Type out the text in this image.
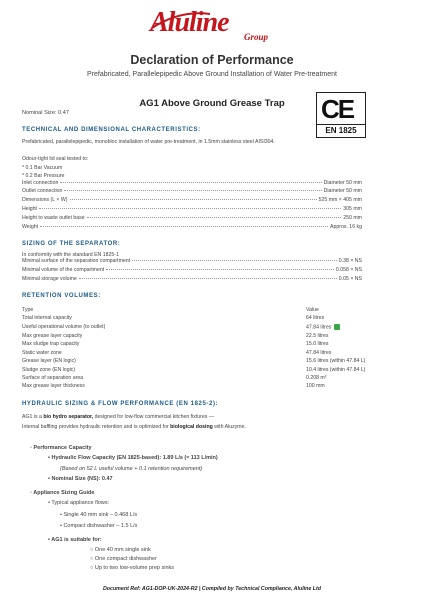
Aluline Group
Declaration of Performance
Prefabricated, Parallelepipedic Above Ground Installation of Water Pre-treatment
AG1 Above Ground Grease Trap
Nominal Size: 0.47	CE
EN 1825
TECHNICAL AND DIMENSIONAL CHARACTERISTICS:
Prefabricated, parallelepipedic, monobloc installation of water pre-treatment, in 1.5mm stainless steel AISI304.
Odour-tight lid seal tested to:
* 0.1 Bar Vacuum
* 0.2 Bar Pressure
Inlet connection	Diameter 50 mm
Outlet connection	Diameter 50 mm
Dimensions (L × W)	525 mm × 405 mm
Height	305 mm
Height to waste outlet base	250 mm
Weight	Approx. 16 kg
SIZING OF THE SEPARATOR:
In conformity with the standard EN 1825-1
Minimal surface of the separation compartment	0.38 × NS
Minimal volume of the compartment	0.058 × NS
Minimal storage volume	0.05 × NS
RETENTION VOLUMES:
Type	Value
Total internal capacity	64 litres
Useful operational volume (to outlet)	47.84 litres
Max grease layer capacity	22.5 litres
Max sludge trap capacity	15.0 litres
Static water zone	47.84 litres
Grease layer (EN logic)	15.6 litres (within 47.84 L)
Sludge zone (EN logic)	10.4 litres (within 47.84 L)
Surface of separation area	0.208 m²
Max grease layer thickness	100 mm
HYDRAULIC SIZING & FLOW PERFORMANCE (EN 1825-2):
AG1 is a bio hydro separator, designed for low-flow commercial kitchen fixtures —
Internal baffling provides hydraulic retention and is optimized for biological dosing with Aluzyme.
◦ Performance Capacity
• Hydraulic Flow Capacity (EN 1825-based): 1.89 L/s (≈ 113 L/min)
(Based on 52 L useful volume + 0.1 retention requirement)
• Nominal Size (NS): 0.47
◦ Appliance Sizing Guide
• Typical appliance flows:
• Single 40 mm sink – 0.468 L/s
• Compact dishwasher – 1.5 L/s
• AG1 is suitable for:
○ One 40 mm single sink
○ One compact dishwasher
○ Up to two low-volume prep sinks
Document Ref: AG1-DOP-UK-2024-R2 | Compiled by Technical Compliance, Aluline Ltd
